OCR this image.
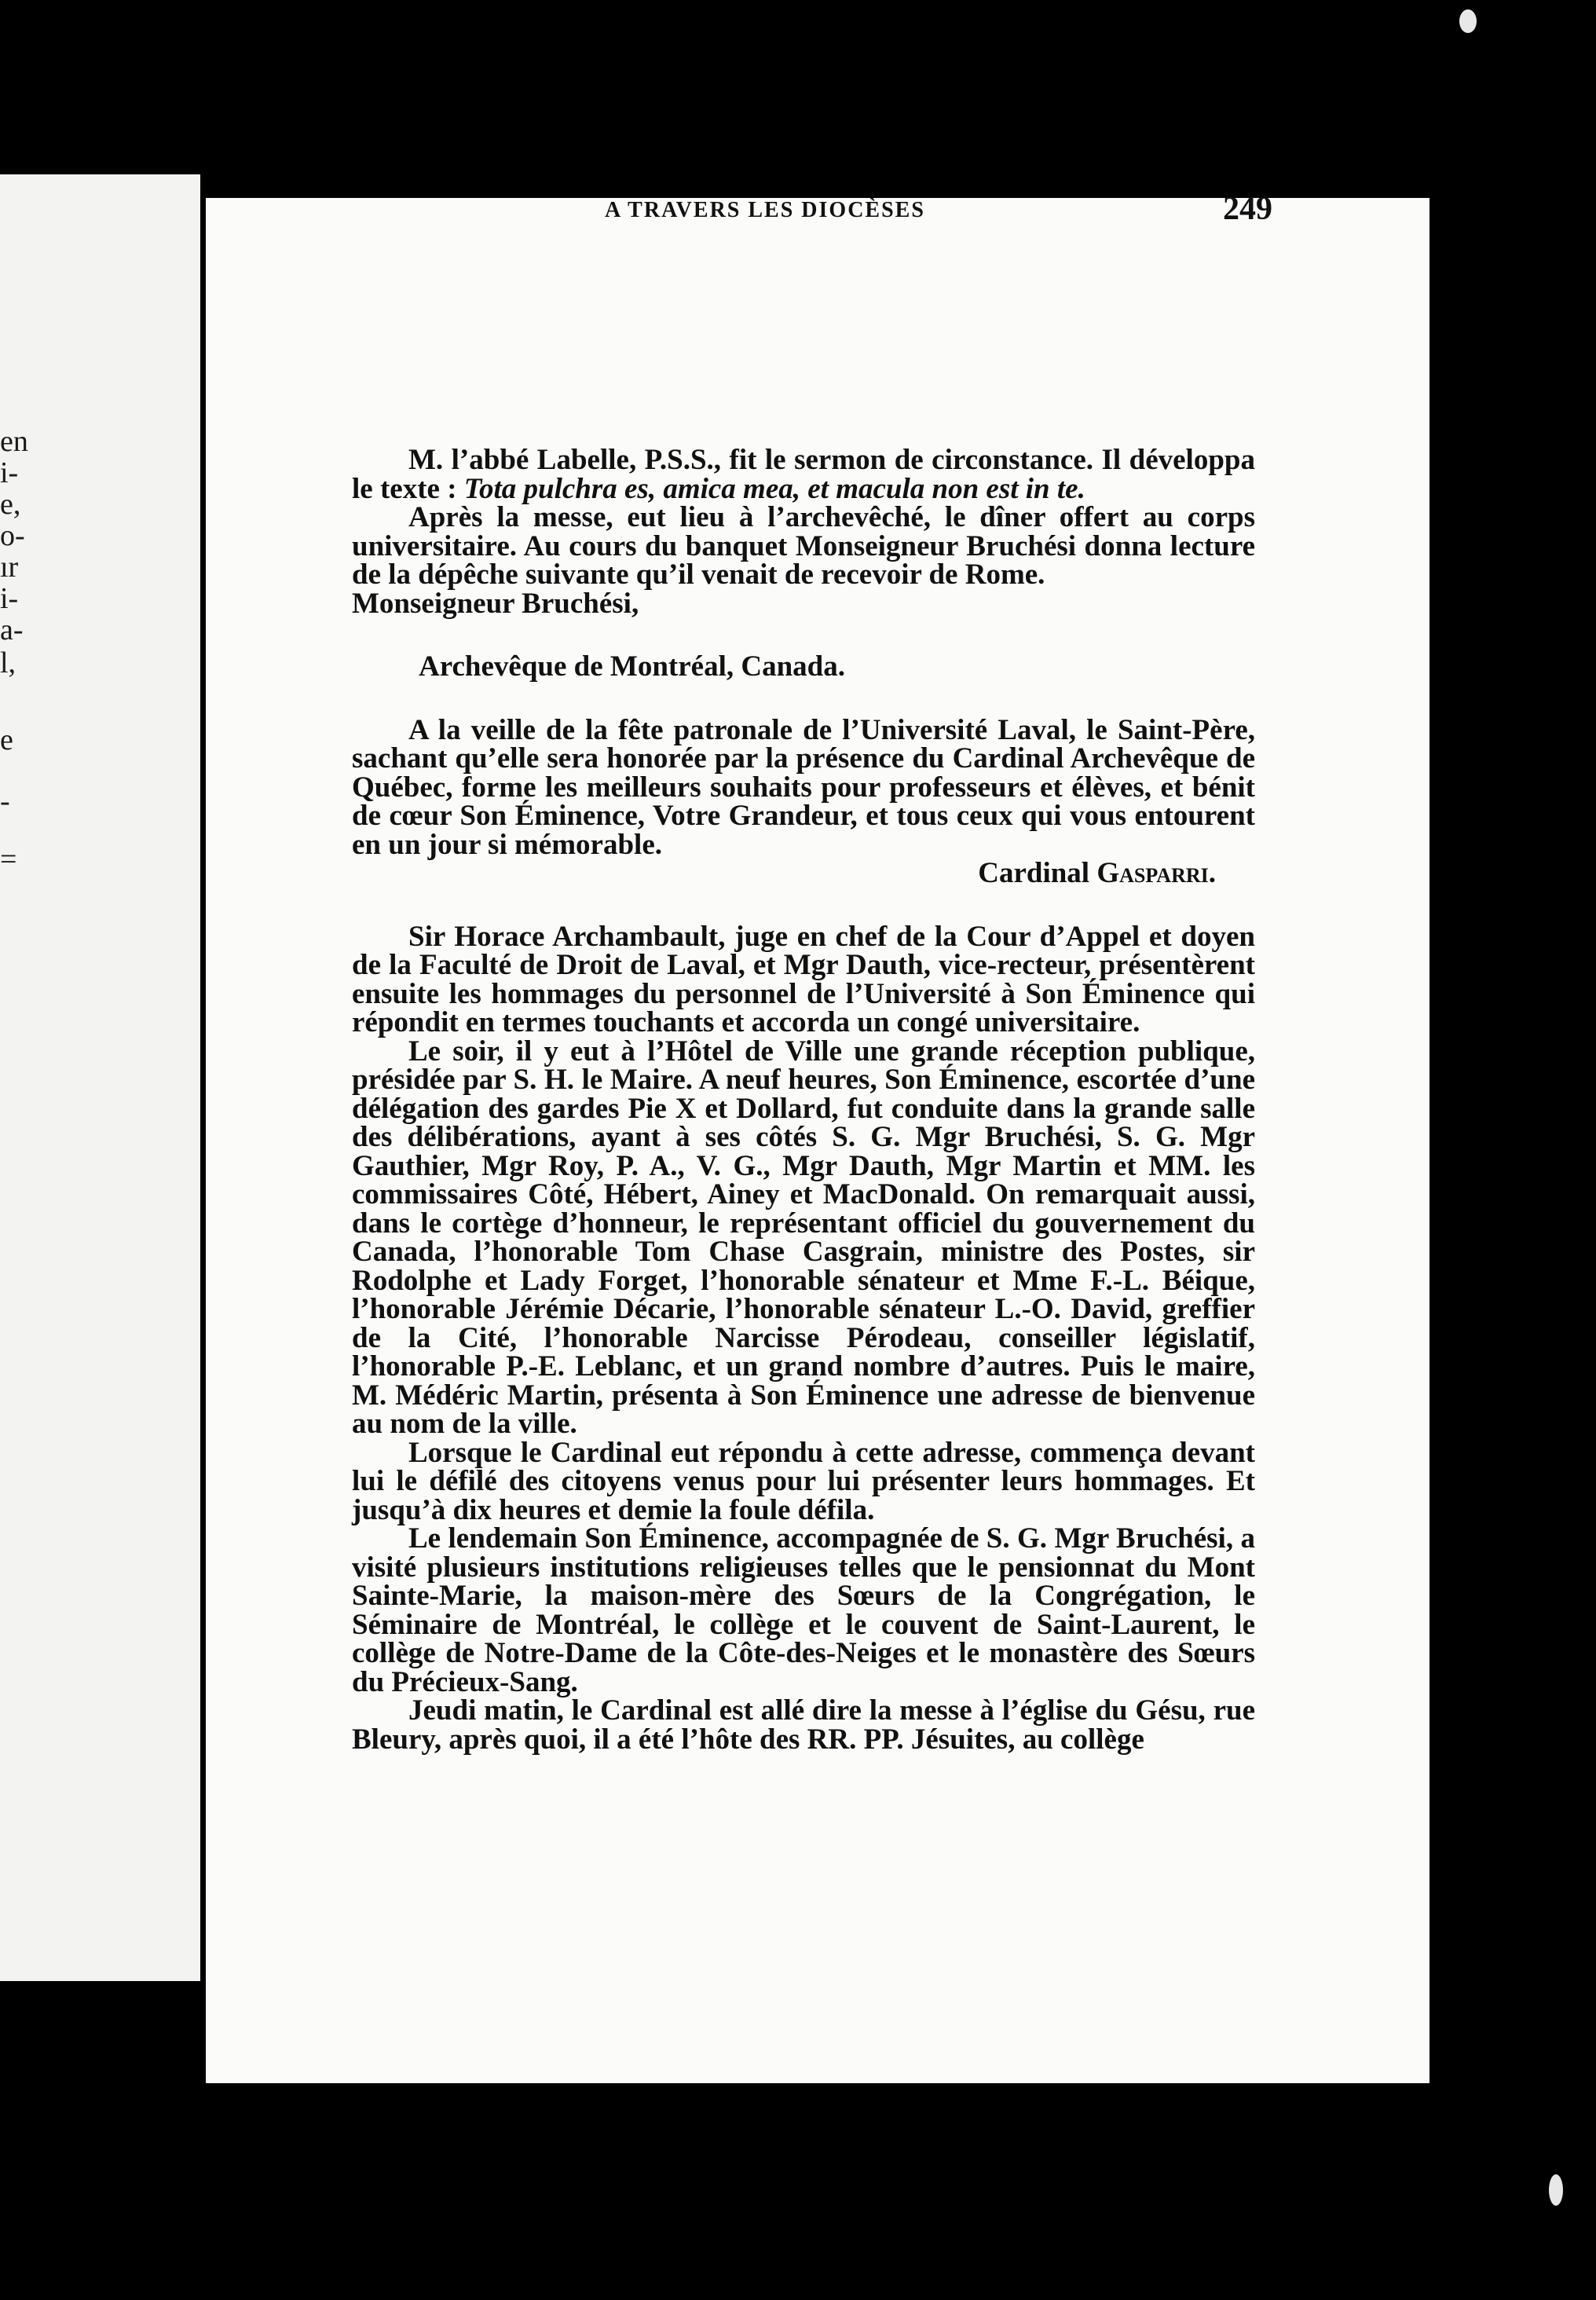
en
i-
e,
o-
ır
i-
a-
l,
e
-
=
A TRAVERS LES DIOCÈSES	249

M. l’abbé Labelle, P.S.S., fit le sermon de circonstance. Il développa le texte : Tota pulchra es, amica mea, et macula non est in te.

Après la messe, eut lieu à l’archevêché, le dîner offert au corps universitaire. Au cours du banquet Monseigneur Bruchési donna lecture de la dépêche suivante qu’il venait de recevoir de Rome.

Monseigneur Bruchési,

Archevêque de Montréal, Canada.

A la veille de la fête patronale de l’Université Laval, le Saint-Père, sachant qu’elle sera honorée par la présence du Cardinal Archevêque de Québec, forme les meilleurs souhaits pour professeurs et élèves, et bénit de cœur Son Éminence, Votre Grandeur, et tous ceux qui vous entourent en un jour si mémorable.

Cardinal Gasparri.

Sir Horace Archambault, juge en chef de la Cour d’Appel et doyen de la Faculté de Droit de Laval, et Mgr Dauth, vice-recteur, présentèrent ensuite les hommages du personnel de l’Université à Son Éminence qui répondit en termes touchants et accorda un congé universitaire.

Le soir, il y eut à l’Hôtel de Ville une grande réception publique, présidée par S. H. le Maire. A neuf heures, Son Éminence, escortée d’une délégation des gardes Pie X et Dollard, fut conduite dans la grande salle des délibérations, ayant à ses côtés S. G. Mgr Bruchési, S. G. Mgr Gauthier, Mgr Roy, P. A., V. G., Mgr Dauth, Mgr Martin et MM. les commissaires Côté, Hébert, Ainey et MacDonald. On remarquait aussi, dans le cortège d’honneur, le représentant officiel du gouvernement du Canada, l’honorable Tom Chase Casgrain, ministre des Postes, sir Rodolphe et Lady Forget, l’honorable sénateur et Mme F.-L. Béique, l’honorable Jérémie Décarie, l’honorable sénateur L.-O. David, greffier de la Cité, l’honorable Narcisse Pérodeau, conseiller législatif, l’honorable P.-E. Leblanc, et un grand nombre d’autres. Puis le maire, M. Médéric Martin, présenta à Son Éminence une adresse de bienvenue au nom de la ville.

Lorsque le Cardinal eut répondu à cette adresse, commença devant lui le défilé des citoyens venus pour lui présenter leurs hommages. Et jusqu’à dix heures et demie la foule défila.

Le lendemain Son Éminence, accompagnée de S. G. Mgr Bruchési, a visité plusieurs institutions religieuses telles que le pensionnat du Mont Sainte-Marie, la maison-mère des Sœurs de la Congrégation, le Séminaire de Montréal, le collège et le couvent de Saint-Laurent, le collège de Notre-Dame de la Côte-des-Neiges et le monastère des Sœurs du Précieux-Sang.

Jeudi matin, le Cardinal est allé dire la messe à l’église du Gésu, rue Bleury, après quoi, il a été l’hôte des RR. PP. Jésuites, au collège
